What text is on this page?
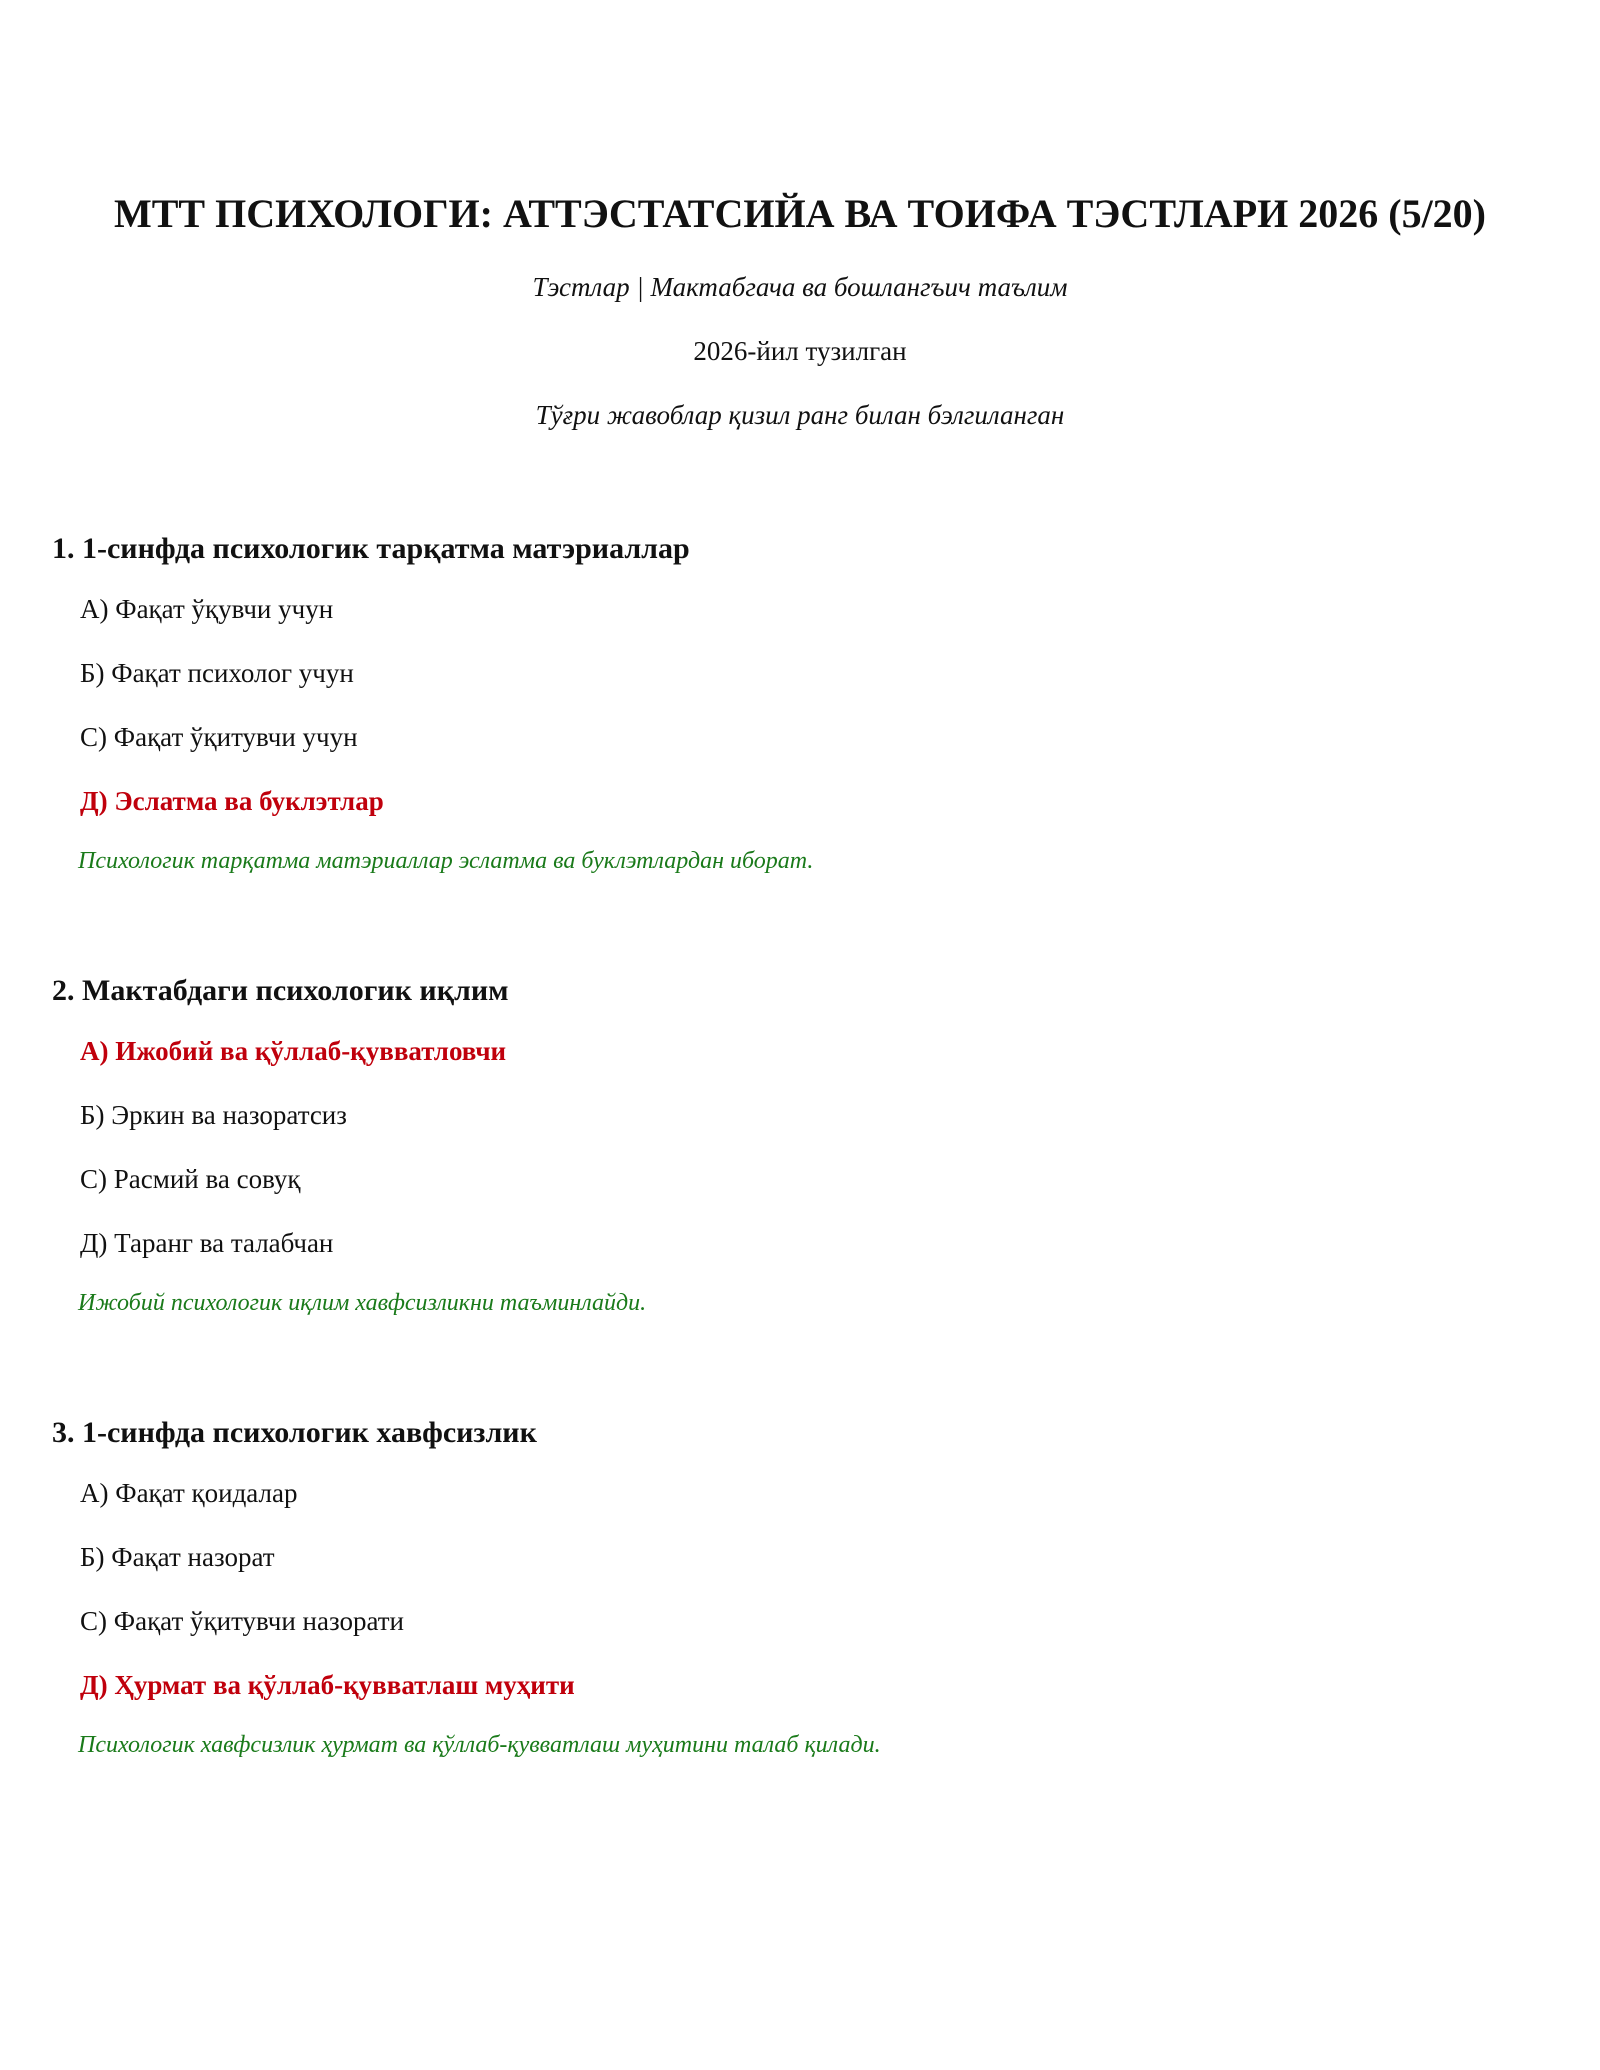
МТТ ПСИХОЛОГИ: АТТЭСТАТСИЙА ВА ТОИФА ТЭСТЛАРИ 2026 (5/20)
Тэстлар | Мактабгача ва бошлангъич таълим
2026-йил тузилган
Тўғри жавоблар қизил ранг билан бэлгиланган
1. 1-синфда психологик тарқатма матэриаллар
А) Фақат ўқувчи учун
Б) Фақат психолог учун
С) Фақат ўқитувчи учун
Д) Эслатма ва буклэтлар
Психологик тарқатма матэриаллар эслатма ва буклэтлардан иборат.
2. Мактабдаги психологик иқлим
А) Ижобий ва қўллаб-қувватловчи
Б) Эркин ва назоратсиз
С) Расмий ва совуқ
Д) Таранг ва талабчан
Ижобий психологик иқлим хавфсизликни таъминлайди.
3. 1-синфда психологик хавфсизлик
А) Фақат қоидалар
Б) Фақат назорат
С) Фақат ўқитувчи назорати
Д) Ҳурмат ва қўллаб-қувватлаш муҳити
Психологик хавфсизлик ҳурмат ва қўллаб-қувватлаш муҳитини талаб қилади.
